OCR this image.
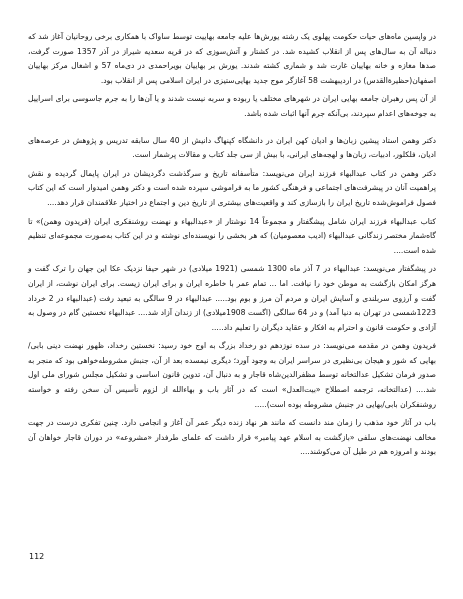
در واپسین ماه‌های حیات حکومت پهلوی یک رشته یورش‌ها علیه جامعه بهاییت توسط ساواک با همکاری برخی روحانیان آغاز شد که دنباله آن به سال‌های پس از انقلاب کشیده شد. در کشتار و آتش‌سوزی که در قریه سعدیه شیراز در آذر 1357 صورت گرفت، صدها مغازه و خانه بهاییان غارت شد و شماری کشته شدند. یورش بر بهاییان بویراحمدی در دی‌ماه 57 و اشغال مرکز بهاییان اصفهان(حظیرةالقدس) در اردیبهشت 58 آغازگر موج جدید بهایی‌ستیزی در ایران اسلامی پس از انقلاب بود.

از آن پس رهبران جامعه بهایی ایران در شهرهای مختلف یا ربوده و سربه نیست شدند و یا آن‌ها را به جرم جاسوسی برای اسراییل به جوخه‌های اعدام سپردند، بی‌آنکه جرم آنها اثبات شده باشد.

دکتر وهمن استاد پیشین زبان‌ها و ادیان کهن ایران در دانشگاه کپنهاگ دانیش از 40 سال سابقه تدریس و پژوهش در عرصه‌های ادیان، فلکلور، ادبیات، زبان‌ها و لهجه‌های ایرانی، با بیش از سی جلد کتاب و مقالات پرشمار است.

دکتر وهمن در کتاب عبدالبهاء فرزند ایران می‌نویسد: متأسفانه تاریخ و سرگذشت دگردیشان در ایران پایمال گردیده و نقش پراهمیت آنان در پیشرفت‌های اجتماعی و فرهنگی کشور ما به فراموشی سپرده شده است و دکتر وهمن امیدوار است که این کتاب فصول فراموش‌شده تاریخ ایران را بازسازی کند و واقعیت‌های بیشتری از تاریخ دین و اجتماع در اختیار علاقمندان قرار دهد....

کتاب عبدالبهاء فرزند ایران شامل پیشگفتار و مجموعاً 14 نوشتار از «عبدالبهاء و نهضت روشنفکری ایران (فریدون وهمن)» تا گاه‌شمار مختصر زندگانی عبدالبهاء (ادیب معصومیان) که هر بخشی را نویسنده‌ای نوشته و در این کتاب به‌صورت مجموعه‌ای تنظیم شده است....

در پیشگفتار می‌نویسد: عبدالبهاء در 7 آذر ماه 1300 شمسی (1921 میلادی) در شهر حیفا نزدیک عکا این جهان را ترک گفت و هرگز امکان بازگشت به موطن خود را نیافت. اما ... تمام عمر با خاطره ایران و برای ایران زیست. برای ایران نوشت، از ایران گفت و آرزوی سربلندی و آسایش ایران و مردم آن مرز و بوم بود..... عبدالبهاء در 9 سالگی به تبعید رفت (عبدالبهاء در 2 خرداد 1223شمسی در تهران به دنیا آمد) و در 64 سالگی (اگست 1908میلادی) از زندان آزاد شد.... عبدالبهاء نخستین گام در وصول به آزادی و حکومت قانون و احترام به افکار و عقاید دیگران را تعلیم داد.....

فریدون وهمن در مقدمه می‌نویسد: در سده نوزدهم دو رخداد بزرگ به اوج خود رسید: نخستین رخداد، ظهور نهضت دینی بابی/بهایی که شور و هیجان بی‌نظیری در سراسر ایران به وجود آورد؛ دیگری نیمسده بعد از آن، جنبش مشروطه‌خواهی بود که منجر به صدور فرمان تشکیل عدالتخانه توسط مظفرالدین‌شاه قاجار و به دنبال آن، تدوین قانون اساسی و تشکیل مجلس شورای ملی اول شد.... (عدالتخانه، ترجمه اصطلاح «بیت‌العدل» است که در آثار باب و بهاءالله از لزوم تأسیس آن سخن رفته و خواسته روشنفکران بابی/بهایی در جنبش مشروطه بوده است).....

باب در آثار خود مذهب را زمان مند دانست که مانند هر نهاد زنده دیگر عمر آن آغاز و انجامی دارد. چنین تفکری درست در جهت مخالف نهضت‌های سلفی «بازگشت به اسلام عهد پیامبر» قرار داشت که علمای طرفدار «مشروعه» در دوران قاجار خواهان آن بودند و امروزه هم در طیل آن می‌کوشند....

112
